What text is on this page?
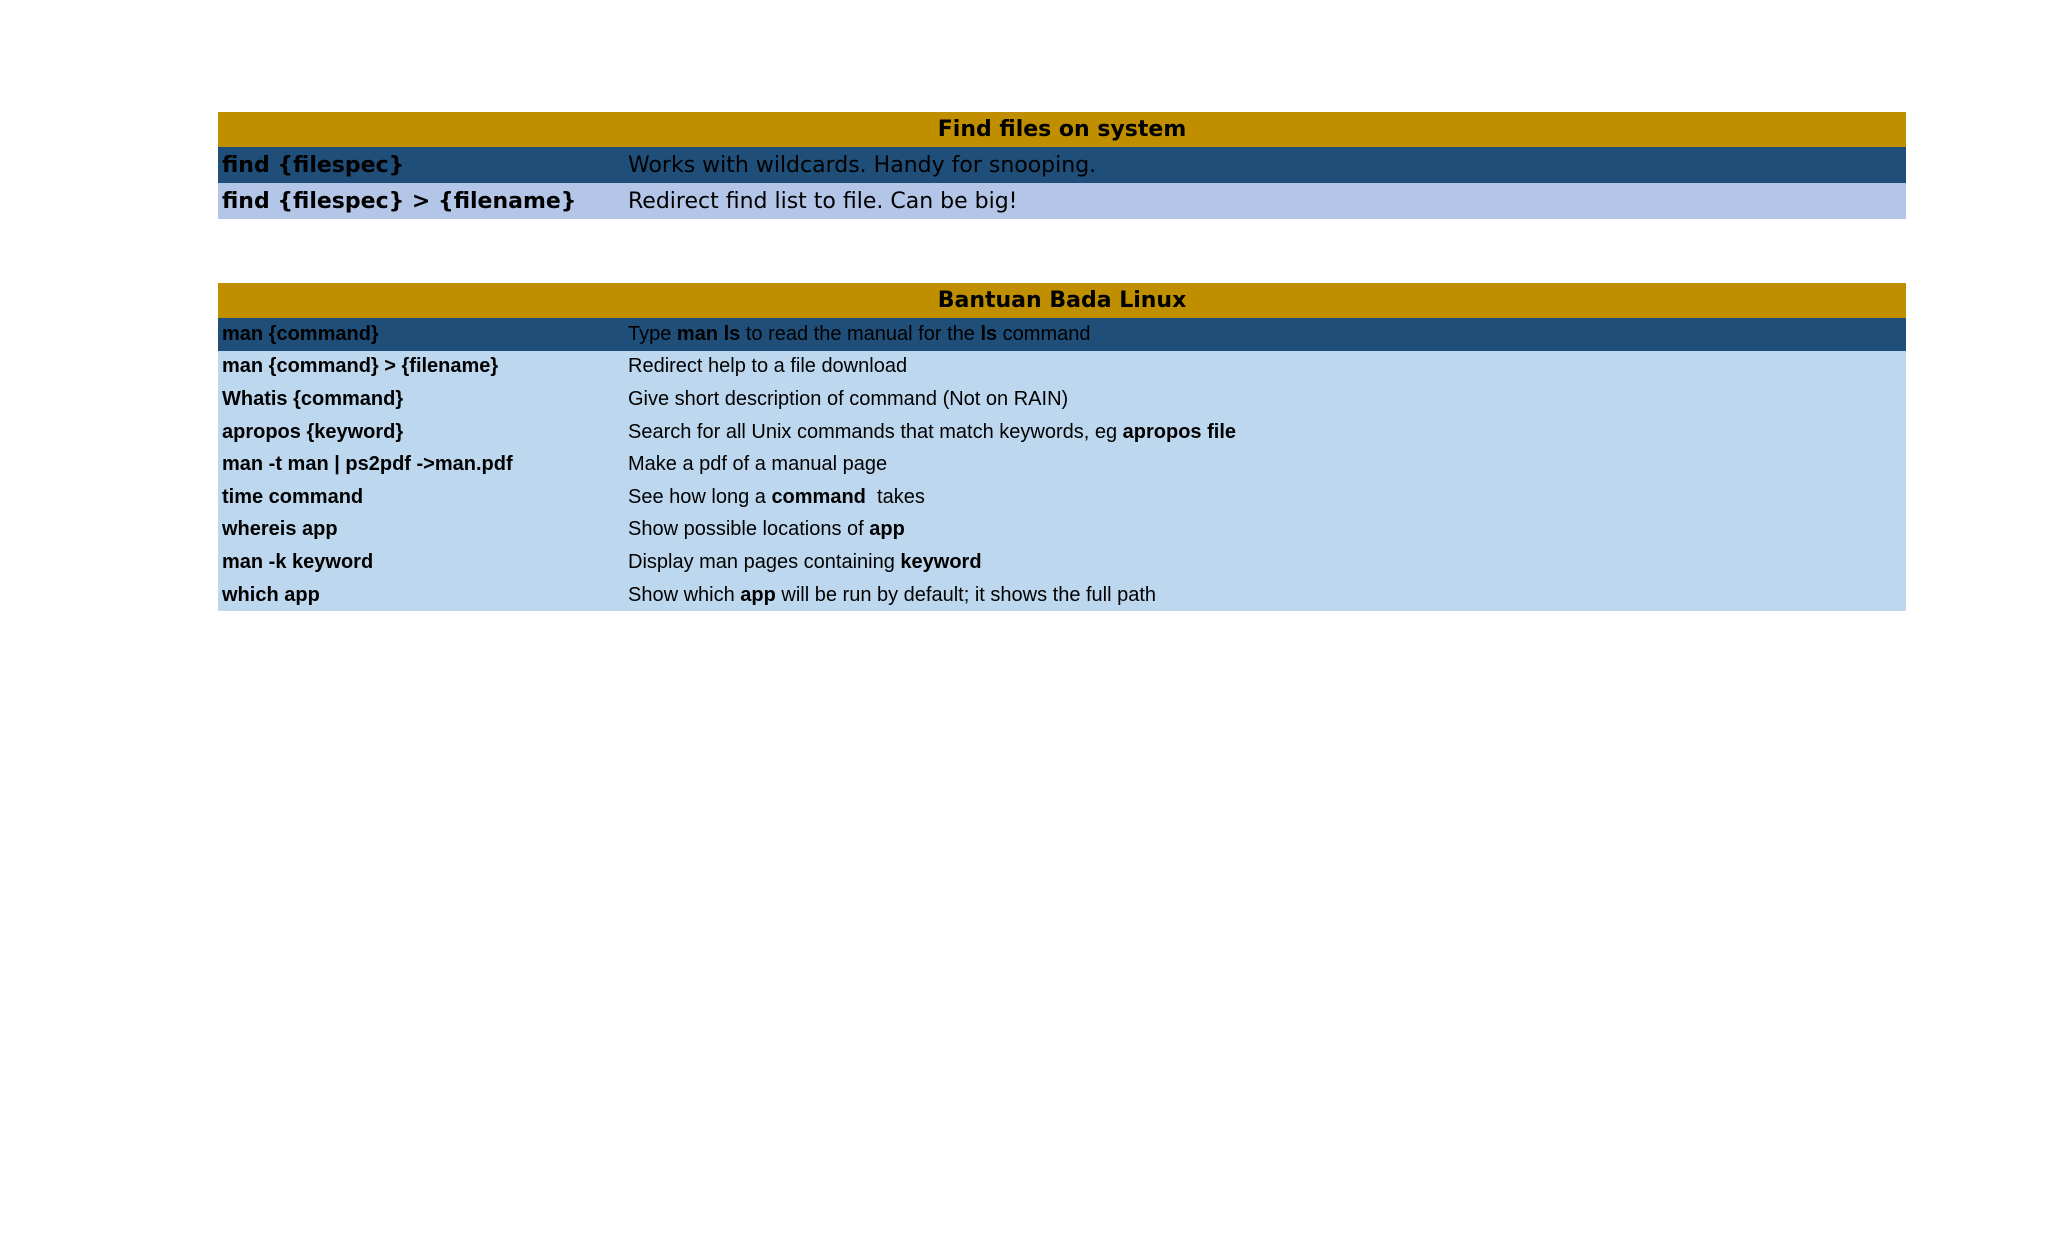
Find files on system
find {filespec}	Works with wildcards. Handy for snooping.
find {filespec} > {filename}	Redirect find list to file. Can be big!
Bantuan Bada Linux
man {command}	Type man ls to read the manual for the ls command
man {command} > {filename}	Redirect help to a file download
Whatis {command}	Give short description of command (Not on RAIN)
apropos {keyword}	Search for all Unix commands that match keywords, eg apropos file
man -t man | ps2pdf ->man.pdf	Make a pdf of a manual page
time command	See how long a command  takes
whereis app	Show possible locations of app
man -k keyword	Display man pages containing keyword
which app	Show which app will be run by default; it shows the full path
